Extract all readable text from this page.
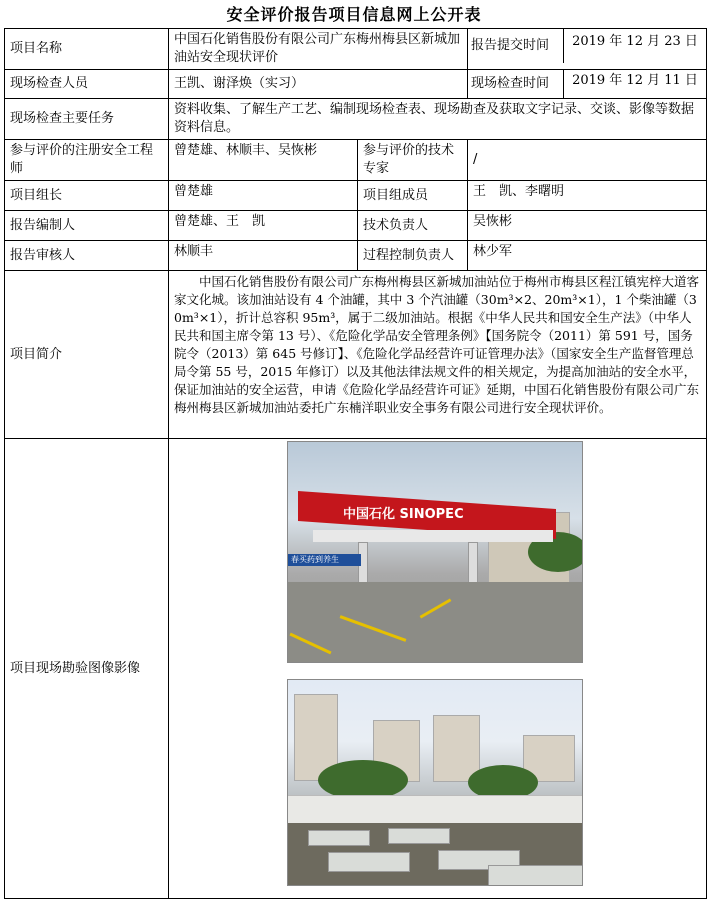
安全评价报告项目信息网上公开表
项目名称	中国石化销售股份有限公司广东梅州梅县区新城加油站安全现状评价		报告提交时间 2019 年 12 月 23 日

现场检查人员	王凯、谢泽焕（实习）		现场检查时间 2019 年 12 月 11 日

现场检查主要任务	资料收集、了解生产工艺、编制现场检查表、现场勘查及获取文字记录、交谈、影像等数据资料信息。		
参与评价的注册安全工程师	曾楚雄、林顺丰、吴恢彬	参与评价的技术专家	/
项目组长	曾楚雄	项目组成员	王　凯、李曙明
报告编制人	曾楚雄、王　凯	技术负责人	吴恢彬
报告审核人	林顺丰	过程控制负责人	林少军
项目简介	中国石化销售股份有限公司广东梅州梅县区新城加油站位于梅州市梅县区程江镇宪梓大道客家文化城。该加油站设有 4 个油罐，其中 3 个汽油罐（30m³×2、20m³×1），1 个柴油罐（30m³×1），折计总容积 95m³，属于二级加油站。根据《中华人民共和国安全生产法》（中华人民共和国主席令第 13 号）、《危险化学品安全管理条例》【国务院令（2011）第 591 号，国务院令（2013）第 645 号修订】、《危险化学品经营许可证管理办法》（国家安全生产监督管理总局令第 55 号，2015 年修订）以及其他法律法规文件的相关规定，为提高加油站的安全水平，保证加油站的安全运营，申请《危险化学品经营许可证》延期，中国石化销售股份有限公司广东梅州梅县区新城加油站委托广东楠洋职业安全事务有限公司进行安全现状评价。		
项目现场勘验图像影像	中国石化 SINOPEC
春买药到养生		
